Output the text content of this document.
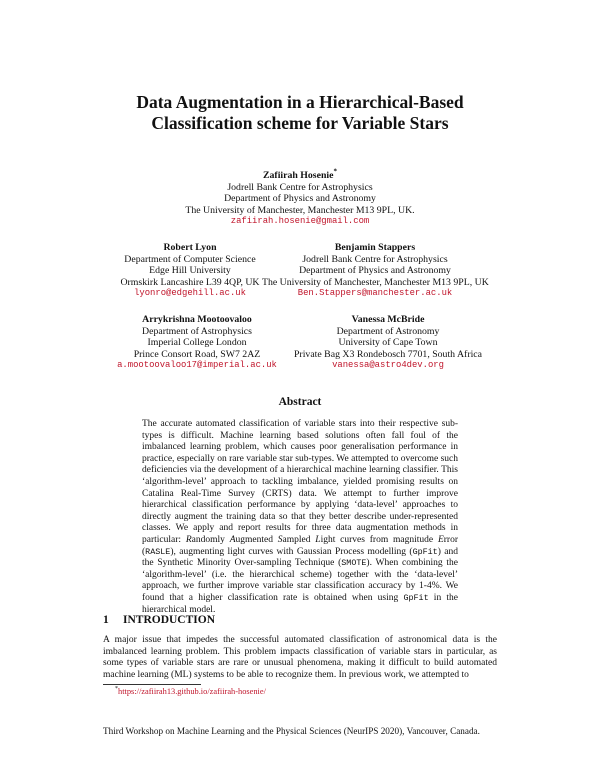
Data Augmentation in a Hierarchical-Based
Classification scheme for Variable Stars
Zafiirah Hosenie*
Jodrell Bank Centre for Astrophysics
Department of Physics and Astronomy
The University of Manchester, Manchester M13 9PL, UK.
zafiirah.hosenie@gmail.com
Robert Lyon
Department of Computer Science
Edge Hill University
Ormskirk Lancashire L39 4QP, UK
lyonro@edgehill.ac.uk
Benjamin Stappers
Jodrell Bank Centre for Astrophysics
Department of Physics and Astronomy
The University of Manchester, Manchester M13 9PL, UK
Ben.Stappers@manchester.ac.uk
Arrykrishna Mootoovaloo
Department of Astrophysics
Imperial College London
Prince Consort Road, SW7 2AZ
a.mootoovaloo17@imperial.ac.uk
Vanessa McBride
Department of Astronomy
University of Cape Town
Private Bag X3 Rondebosch 7701, South Africa
vanessa@astro4dev.org
Abstract

The accurate automated classification of variable stars into their respective sub-types is difficult. Machine learning based solutions often fall foul of the imbalanced learning problem, which causes poor generalisation performance in practice, especially on rare variable star sub-types. We attempted to overcome such deficiencies via the development of a hierarchical machine learning classifier. This ‘algorithm-level’ approach to tackling imbalance, yielded promising results on Catalina Real-Time Survey (CRTS) data. We attempt to further improve hierarchical classification performance by applying ‘data-level’ approaches to directly augment the training data so that they better describe under-represented classes. We apply and report results for three data augmentation methods in particular: Randomly Augmented Sampled Light curves from magnitude Error (RASLE), augmenting light curves with Gaussian Process modelling (GpFit) and the Synthetic Minority Over-sampling Technique (SMOTE). When combining the ‘algorithm-level’ (i.e. the hierarchical scheme) together with the ‘data-level’ approach, we further improve variable star classification accuracy by 1-4%. We found that a higher classification rate is obtained when using GpFit in the hierarchical model.

1 INTRODUCTION
A major issue that impedes the successful automated classification of astronomical data is the imbalanced learning problem. This problem impacts classification of variable stars in particular, as some types of variable stars are rare or unusual phenomena, making it difficult to build automated machine learning (ML) systems to be able to recognize them. In previous work, we attempted to
*https://zafiirah13.github.io/zafiirah-hosenie/
Third Workshop on Machine Learning and the Physical Sciences (NeurIPS 2020), Vancouver, Canada.
